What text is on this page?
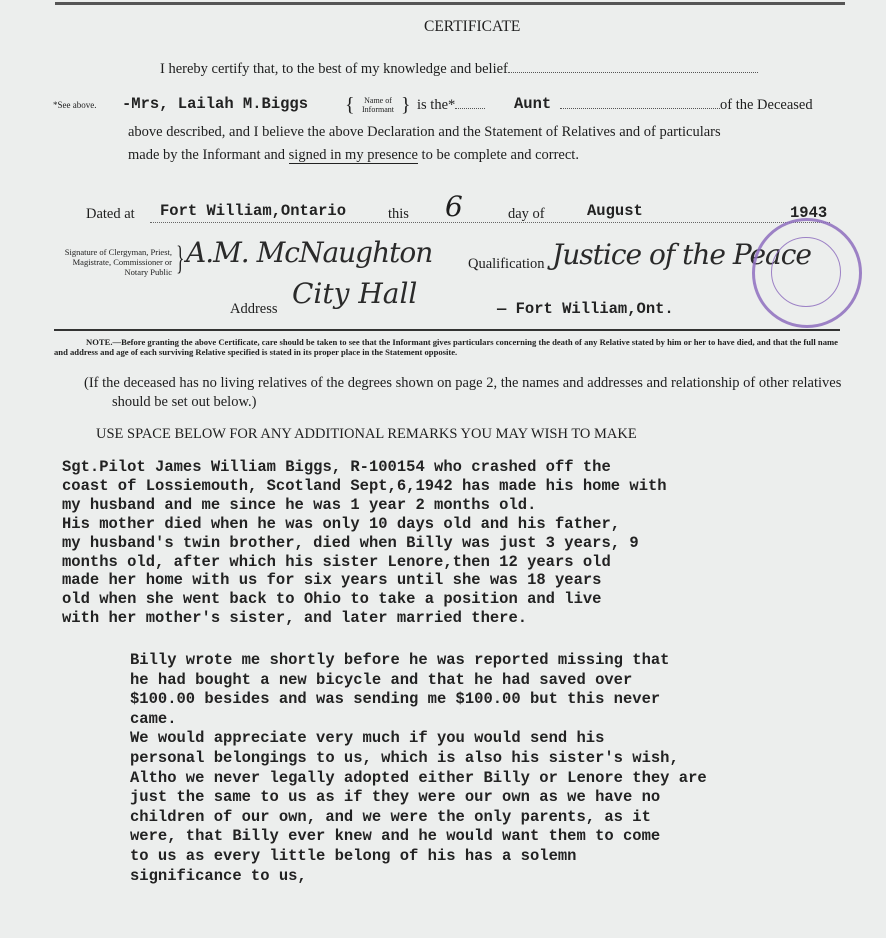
CERTIFICATE
I hereby certify that, to the best of my knowledge and belief
*See above. -Mrs, Lailah M.Biggs {	Name of Informant } is the*	Aunt	of the Deceased
above described, and I believe the above Declaration and the Statement of Relatives and of particulars
made by the Informant and signed in my presence to be complete and correct.
Dated at Fort William,Ontario	this 6	day of	August	1943
Signature of Clergyman, Priest, Magistrate, Commissioner or Notary Public } A.M. McNaughton Qualification Justice of the Peace
Address City Hall	— Fort William,Ont.
NOTE.—Before granting the above Certificate, care should be taken to see that the Informant gives particulars concerning the death of any Relative stated by him or her to have died, and that the full name and address and age of each surviving Relative specified is stated in its proper place in the Statement opposite.
(If the deceased has no living relatives of the degrees shown on page 2, the names and addresses and relationship of other relatives should be set out below.)
USE SPACE BELOW FOR ANY ADDITIONAL REMARKS YOU MAY WISH TO MAKE
Sgt.Pilot James William Biggs, R-100154 who crashed off the
coast of Lossiemouth, Scotland Sept,6,1942 has made his home with
my husband and me since he was 1 year 2 months old.
His mother died when he was only 10 days old and his father,
my husband's twin brother, died when Billy was just 3 years, 9
months old, after which his sister Lenore,then 12 years old
made her home with us for six years until she was 18 years
old when she went back to Ohio to take a position and live
with her mother's sister, and later married there.
Billy wrote me shortly before he was reported missing that
he had bought a new bicycle and that he had saved over
$100.00 besides and was sending me $100.00 but this never
came.
We would appreciate very much if you would send his
personal belongings to us, which is also his sister's wish,
Altho we never legally adopted either Billy or Lenore they are
just the same to us as if they were our own as we have no
children of our own, and we were the only parents, as it
were, that Billy ever knew and he would want them to come
to us as every little belong of his has a solemn
significance to us,
